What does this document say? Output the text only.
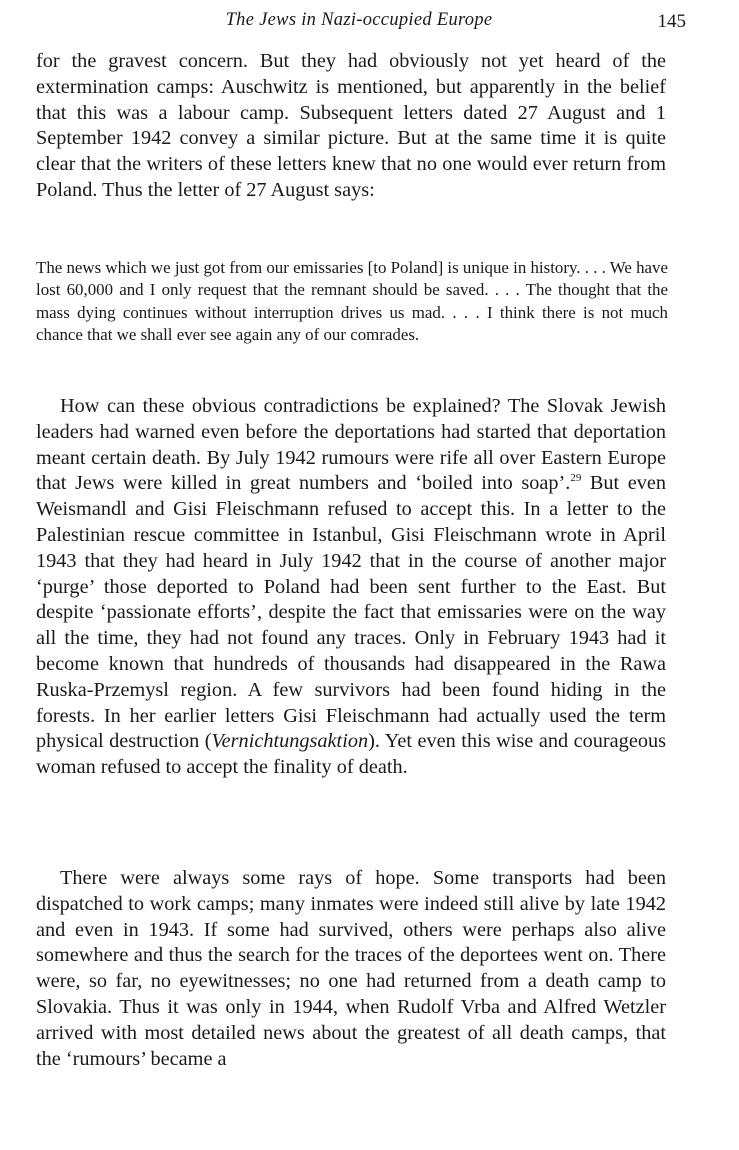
The Jews in Nazi-occupied Europe	145

for the gravest concern. But they had obviously not yet heard of the extermination camps: Auschwitz is mentioned, but apparently in the belief that this was a labour camp. Subsequent letters dated 27 August and 1 September 1942 convey a similar picture. But at the same time it is quite clear that the writers of these letters knew that no one would ever return from Poland. Thus the letter of 27 August says:

The news which we just got from our emissaries [to Poland] is unique in history. . . . We have lost 60,000 and I only request that the remnant should be saved. . . . The thought that the mass dying continues without interruption drives us mad. . . . I think there is not much chance that we shall ever see again any of our comrades.

How can these obvious contradictions be explained? The Slovak Jewish leaders had warned even before the deportations had started that deportation meant certain death. By July 1942 rumours were rife all over Eastern Europe that Jews were killed in great numbers and ‘boiled into soap’.$^{29}$ But even Weismandl and Gisi Fleischmann refused to accept this. In a letter to the Palestinian rescue committee in Istanbul, Gisi Fleischmann wrote in April 1943 that they had heard in July 1942 that in the course of another major ‘purge’ those deported to Poland had been sent further to the East. But despite ‘passionate efforts’, despite the fact that emissaries were on the way all the time, they had not found any traces. Only in February 1943 had it become known that hundreds of thousands had disappeared in the Rawa Ruska-Przemysl region. A few survivors had been found hiding in the forests. In her earlier letters Gisi Fleischmann had actually used the term physical destruction (Vernichtungsaktion). Yet even this wise and courageous woman refused to accept the finality of death.

There were always some rays of hope. Some transports had been dispatched to work camps; many inmates were indeed still alive by late 1942 and even in 1943. If some had survived, others were perhaps also alive somewhere and thus the search for the traces of the deportees went on. There were, so far, no eyewitnesses; no one had returned from a death camp to Slovakia. Thus it was only in 1944, when Rudolf Vrba and Alfred Wetzler arrived with most detailed news about the greatest of all death camps, that the ‘rumours’ became a
